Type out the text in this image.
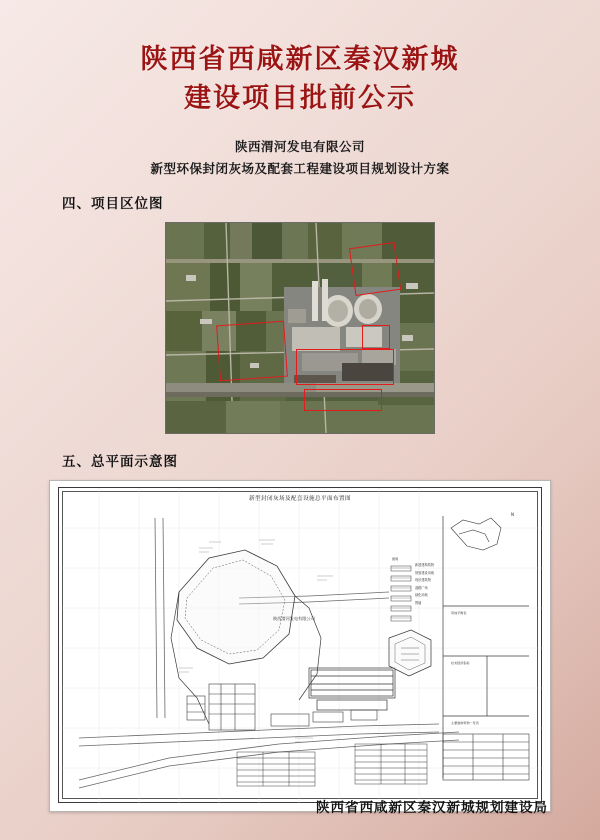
陕西省西咸新区秦汉新城
建设项目批前公示
陕西渭河发电有限公司
新型环保封闭灰场及配套工程建设项目规划设计方案
四、项目区位图
五、总平面示意图
新型封闭灰场及配套设施总平面布置图
新建建构筑物
规划建设用地
现状建筑物
道路广场
绿化用地
围墙
陕西渭河发电有限公司
用地平衡表
技术经济指标
主要建构筑物一览表
图例
N
陕西省西咸新区秦汉新城规划建设局
